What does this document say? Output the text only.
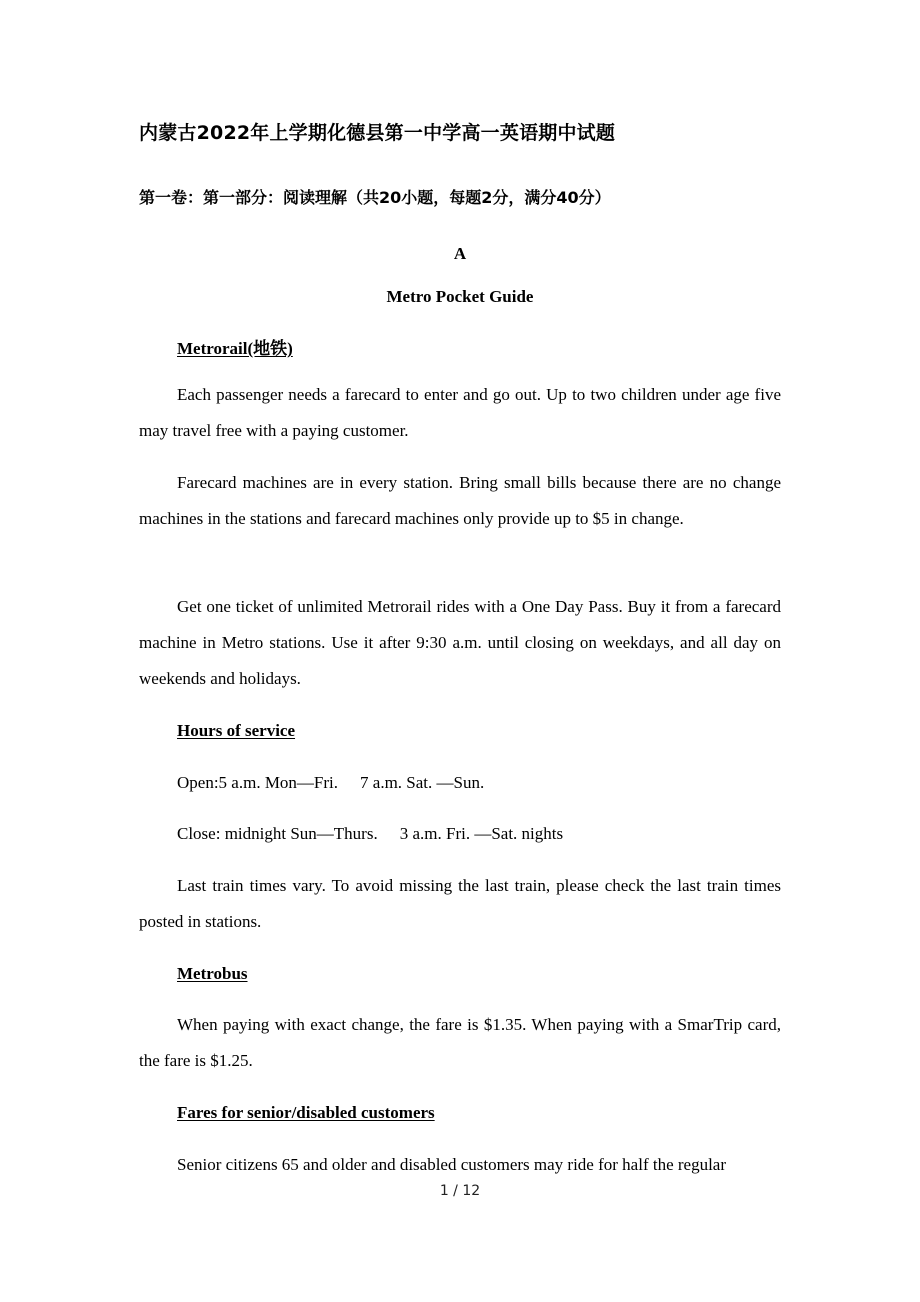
内蒙古2022年上学期化德县第一中学高一英语期中试题
第一卷：第一部分：阅读理解（共20小题，每题2分，满分40分）
A
Metro Pocket Guide
Metrorail(地铁)

Each passenger needs a farecard to enter and go out. Up to two children under age five may travel free with a paying customer.

Farecard machines are in every station. Bring small bills because there are no change machines in the stations and farecard machines only provide up to $5 in change.

Get one ticket of unlimited Metrorail rides with a One Day Pass. Buy it from a farecard machine in Metro stations. Use it after 9:30 a.m. until closing on weekdays, and all day on weekends and holidays.

Hours of service
Open:5 a.m. Mon—Fri. 7 a.m. Sat. —Sun.
Close: midnight Sun—Thurs. 3 a.m. Fri. —Sat. nights

Last train times vary. To avoid missing the last train, please check the last train times posted in stations.

Metrobus

When paying with exact change, the fare is $1.35. When paying with a SmarTrip card, the fare is $1.25.

Fares for senior/disabled customers

Senior citizens 65 and older and disabled customers may ride for half the regular

1 / 12
